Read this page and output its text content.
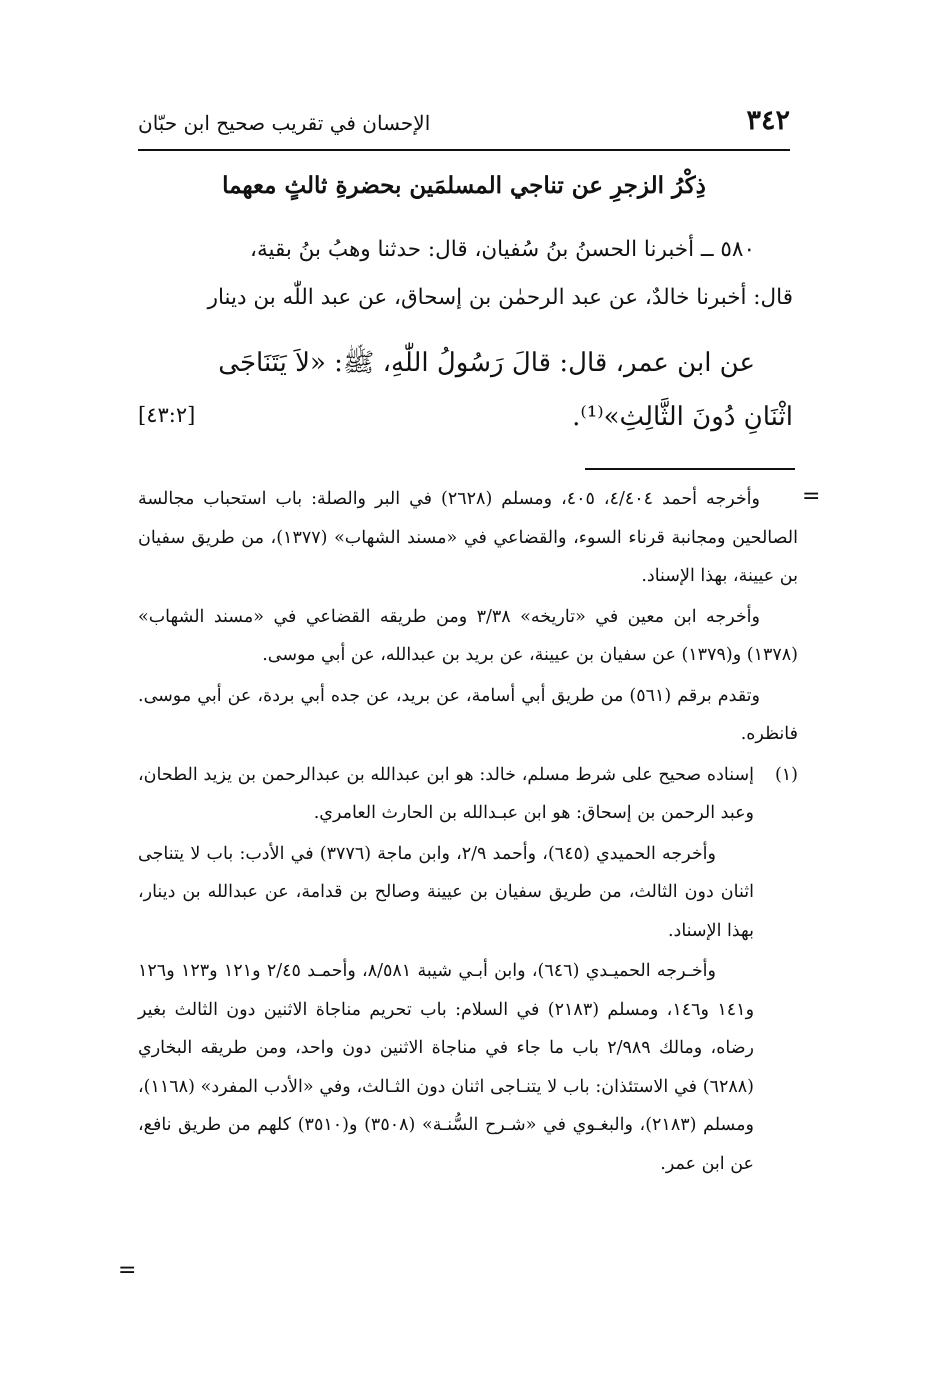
٣٤٢
الإحسان في تقريب صحيح ابن حبّان
ذِكْرُ الزجرِ عن تناجي المسلمَين بحضرةِ ثالثٍ معهما

٥٨٠ ــ أخبرنا الحسنُ بنُ سُفيان، قال: حدثنا وهبُ بنُ بقية،

قال: أخبرنا خالدٌ، عن عبد الرحمٰن بن إسحاق، عن عبد اللّٰه بن دينار

عن ابن عمر، قال: قالَ رَسُولُ اللّٰهِ، ﷺ: «لاَ يَتَنَاجَى

اثْنَانِ دُونَ الثَّالِثِ»⁽¹⁾.

[٤٣:٢]
=
=

وأخرجه أحمد ٤/٤٠٤، ٤٠٥، ومسلم (٢٦٢٨) في البر والصلة: باب استحباب مجالسة الصالحين ومجانبة قرناء السوء، والقضاعي في «مسند الشهاب» (١٣٧٧)، من طريق سفيان بن عيينة، بهذا الإسناد.

وأخرجه ابن معين في «تاريخه» ٣/٣٨ ومن طريقه القضاعي في «مسند الشهاب» (١٣٧٨) و(١٣٧٩) عن سفيان بن عيينة، عن بريد بن عبدالله، عن أبي موسى.

وتقدم برقم (٥٦١) من طريق أبي أسامة، عن بريد، عن جده أبي بردة، عن أبي موسى. فانظره.

(١)
إسناده صحيح على شرط مسلم، خالد: هو ابن عبدالله بن عبدالرحمن بن يزيد الطحان، وعبد الرحمن بن إسحاق: هو ابن عبـدالله بن الحارث العامري.

وأخرجه الحميدي (٦٤٥)، وأحمد ٢/٩، وابن ماجة (٣٧٧٦) في الأدب: باب لا يتناجى اثنان دون الثالث، من طريق سفيان بن عيينة وصالح بن قدامة، عن عبدالله بن دينار، بهذا الإسناد.

وأخـرجه الحميـدي (٦٤٦)، وابن أبـي شيبة ٨/٥٨١، وأحمـد ٢/٤٥ و١٢١ و١٢٣ و١٢٦ و١٤١ و١٤٦، ومسلم (٢١٨٣) في السلام: باب تحريم مناجاة الاثنين دون الثالث بغير رضاه، ومالك ٢/٩٨٩ باب ما جاء في مناجاة الاثنين دون واحد، ومن طريقه البخاري (٦٢٨٨) في الاستئذان: باب لا يتنـاجى اثنان دون الثـالث، وفي «الأدب المفرد» (١١٦٨)، ومسلم (٢١٨٣)، والبغـوي في «شـرح السُّنـة» (٣٥٠٨) و(٣٥١٠) كلهم من طريق نافع، عن ابن عمر.
